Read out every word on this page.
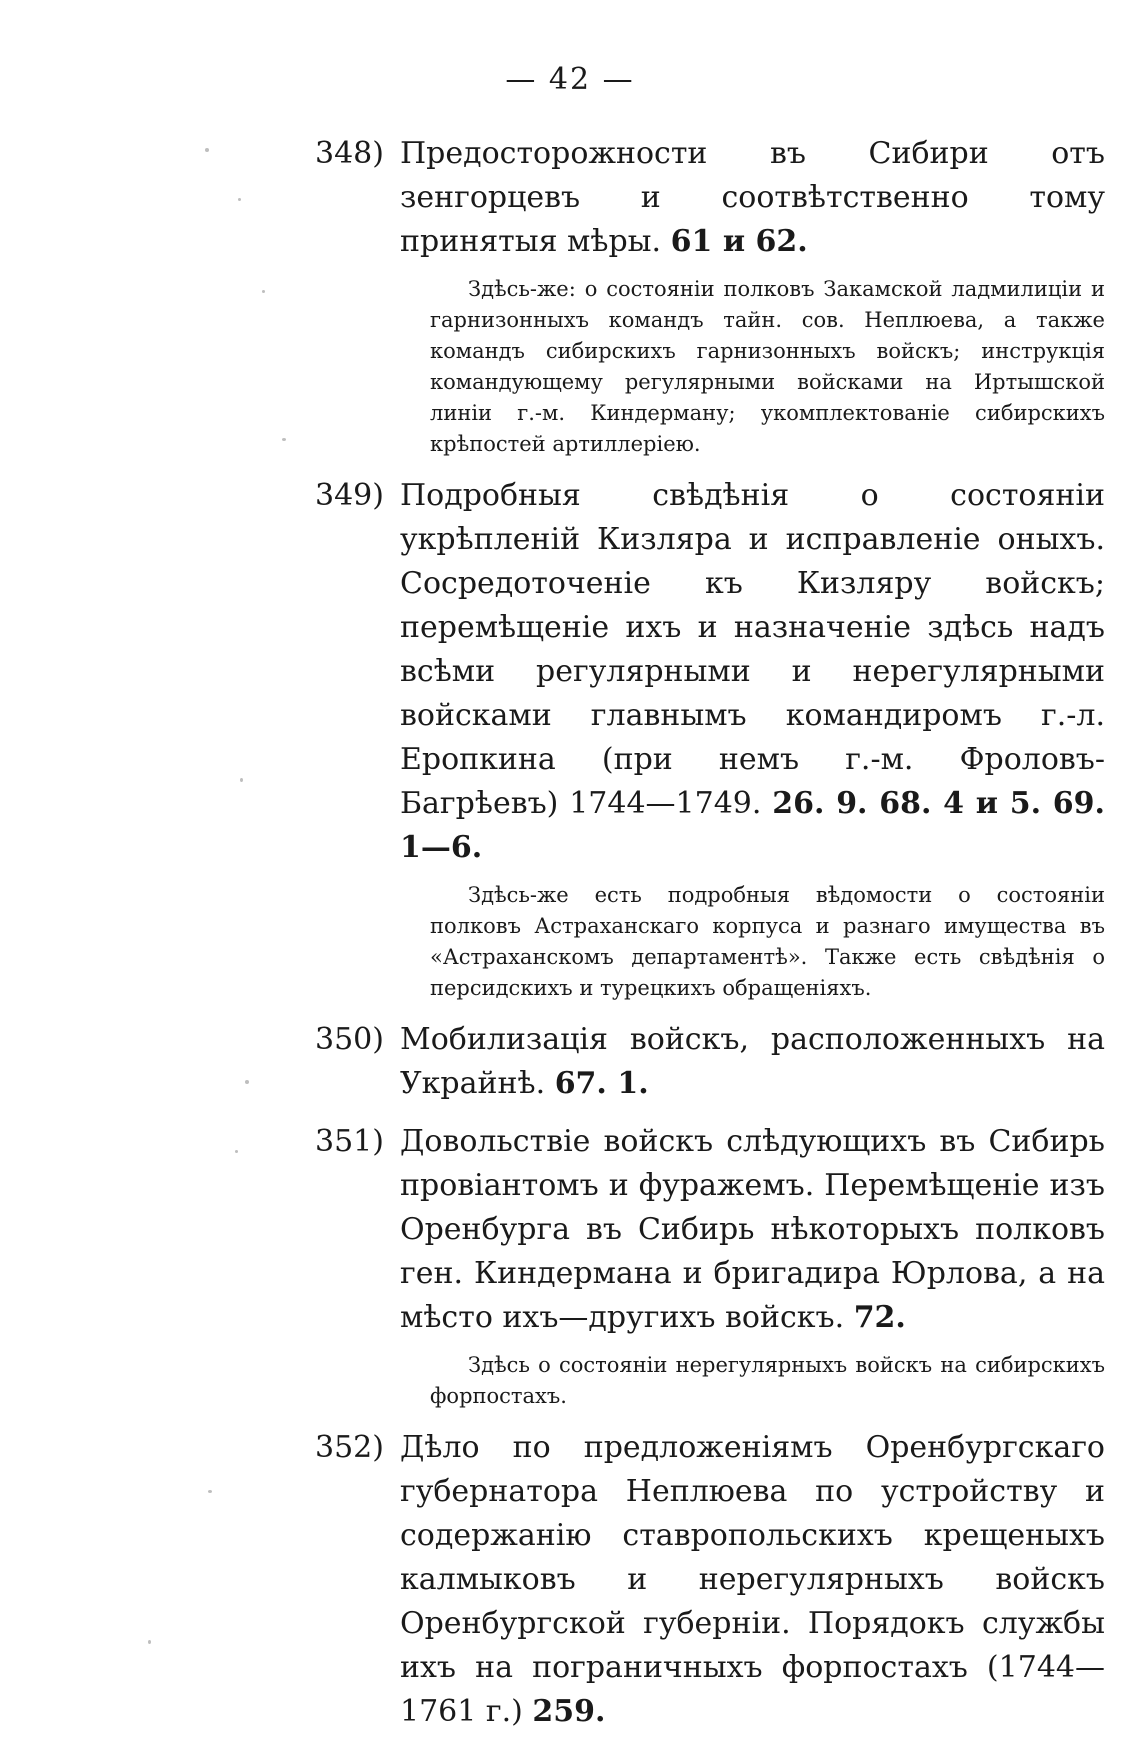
— 42 —
348) Предосторожности въ Сибири отъ зенгорцевъ и соотвѣтственно тому принятыя мѣры. 61 и 62.

Здѣсь-же: о состоянiи полковъ Закамской ладмилицiи и гарнизонныхъ командъ тайн. сов. Неплюева, а также командъ сибирскихъ гарнизонныхъ войскъ; инструкцiя командующему регулярными войсками на Иртышской линiи г.-м. Киндерману; укомплектованiе сибирскихъ крѣпостей артиллерiею.

349) Подробныя свѣдѣнiя о состоянiи укрѣпленiй Кизляра и исправленiе оныхъ. Сосредоточенiе къ Кизляру войскъ; перемѣщенiе ихъ и назначенiе здѣсь надъ всѣми регулярными и нерегулярными войсками главнымъ командиромъ г.-л. Еропкина (при немъ г.-м. Фроловъ-Багрѣевъ) 1744—1749. 26. 9. 68. 4 и 5. 69. 1—6.

Здѣсь-же есть подробныя вѣдомости о состоянiи полковъ Астраханскаго корпуса и разнаго имущества въ «Астраханскомъ департаментѣ». Также есть свѣдѣнiя о персидскихъ и турецкихъ обращенiяхъ.

350) Мобилизацiя войскъ, расположенныхъ на Украйнѣ. 67. 1.

351) Довольствiе войскъ слѣдующихъ въ Сибирь провiантомъ и фуражемъ. Перемѣщенiе изъ Оренбурга въ Сибирь нѣкоторыхъ полковъ ген. Киндермана и бригадира Юрлова, а на мѣсто ихъ—другихъ войскъ. 72.

Здѣсь о состоянiи нерегулярныхъ войскъ на сибирскихъ форпостахъ.

352) Дѣло по предложенiямъ Оренбургскаго губернатора Неплюева по устройству и содержанiю ставропольскихъ крещеныхъ калмыковъ и нерегулярныхъ войскъ Оренбургской губернiи. Порядокъ службы ихъ на пограничныхъ форпостахъ (1744—1761 г.) 259.
